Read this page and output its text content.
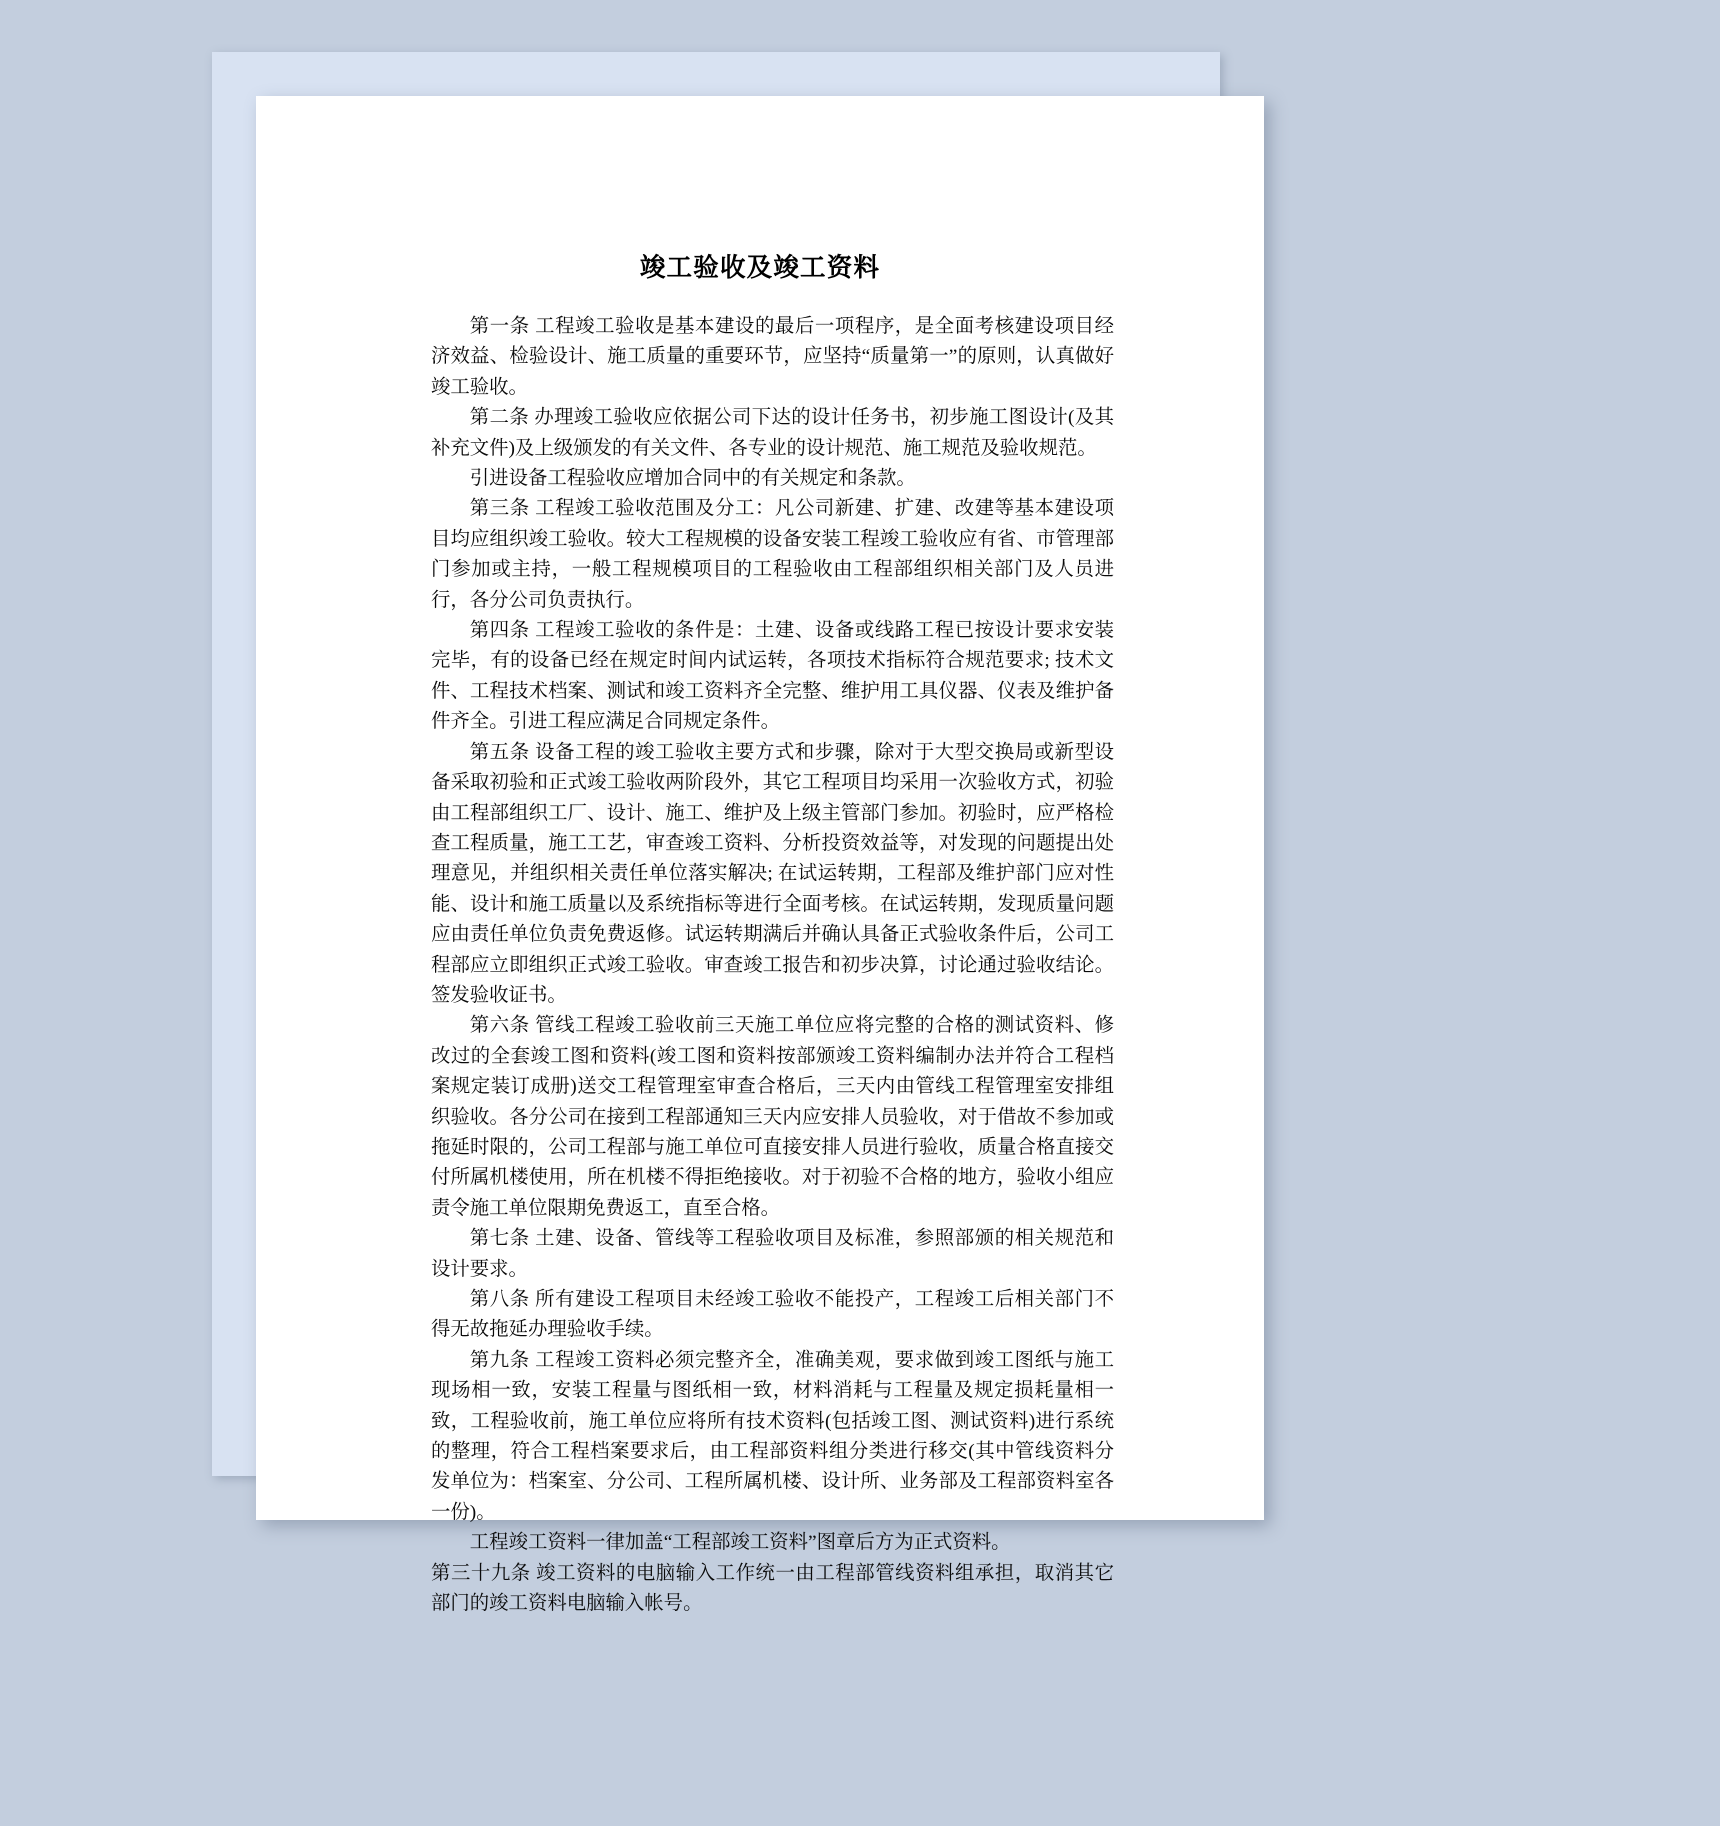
竣工验收及竣工资料

第一条 工程竣工验收是基本建设的最后一项程序，是全面考核建设项目经济效益、检验设计、施工质量的重要环节，应坚持“质量第一”的原则，认真做好竣工验收。

第二条 办理竣工验收应依据公司下达的设计任务书，初步施工图设计(及其补充文件)及上级颁发的有关文件、各专业的设计规范、施工规范及验收规范。

引进设备工程验收应增加合同中的有关规定和条款。

第三条 工程竣工验收范围及分工：凡公司新建、扩建、改建等基本建设项目均应组织竣工验收。较大工程规模的设备安装工程竣工验收应有省、市管理部门参加或主持，一般工程规模项目的工程验收由工程部组织相关部门及人员进行，各分公司负责执行。

第四条 工程竣工验收的条件是：土建、设备或线路工程已按设计要求安装完毕，有的设备已经在规定时间内试运转，各项技术指标符合规范要求; 技术文件、工程技术档案、测试和竣工资料齐全完整、维护用工具仪器、仪表及维护备件齐全。引进工程应满足合同规定条件。

第五条 设备工程的竣工验收主要方式和步骤，除对于大型交换局或新型设备采取初验和正式竣工验收两阶段外，其它工程项目均采用一次验收方式，初验由工程部组织工厂、设计、施工、维护及上级主管部门参加。初验时，应严格检查工程质量，施工工艺，审查竣工资料、分析投资效益等，对发现的问题提出处理意见，并组织相关责任单位落实解决; 在试运转期，工程部及维护部门应对性能、设计和施工质量以及系统指标等进行全面考核。在试运转期，发现质量问题应由责任单位负责免费返修。试运转期满后并确认具备正式验收条件后，公司工程部应立即组织正式竣工验收。审查竣工报告和初步决算，讨论通过验收结论。签发验收证书。

第六条 管线工程竣工验收前三天施工单位应将完整的合格的测试资料、修改过的全套竣工图和资料(竣工图和资料按部颁竣工资料编制办法并符合工程档案规定装订成册)送交工程管理室审查合格后，三天内由管线工程管理室安排组织验收。各分公司在接到工程部通知三天内应安排人员验收，对于借故不参加或拖延时限的，公司工程部与施工单位可直接安排人员进行验收，质量合格直接交付所属机楼使用，所在机楼不得拒绝接收。对于初验不合格的地方，验收小组应责令施工单位限期免费返工，直至合格。

第七条 土建、设备、管线等工程验收项目及标准，参照部颁的相关规范和设计要求。

第八条 所有建设工程项目未经竣工验收不能投产，工程竣工后相关部门不得无故拖延办理验收手续。

第九条 工程竣工资料必须完整齐全，准确美观，要求做到竣工图纸与施工现场相一致，安装工程量与图纸相一致，材料消耗与工程量及规定损耗量相一致，工程验收前，施工单位应将所有技术资料(包括竣工图、测试资料)进行系统的整理，符合工程档案要求后，由工程部资料组分类进行移交(其中管线资料分发单位为：档案室、分公司、工程所属机楼、设计所、业务部及工程部资料室各一份)。

工程竣工资料一律加盖“工程部竣工资料”图章后方为正式资料。

第三十九条 竣工资料的电脑输入工作统一由工程部管线资料组承担，取消其它部门的竣工资料电脑输入帐号。
